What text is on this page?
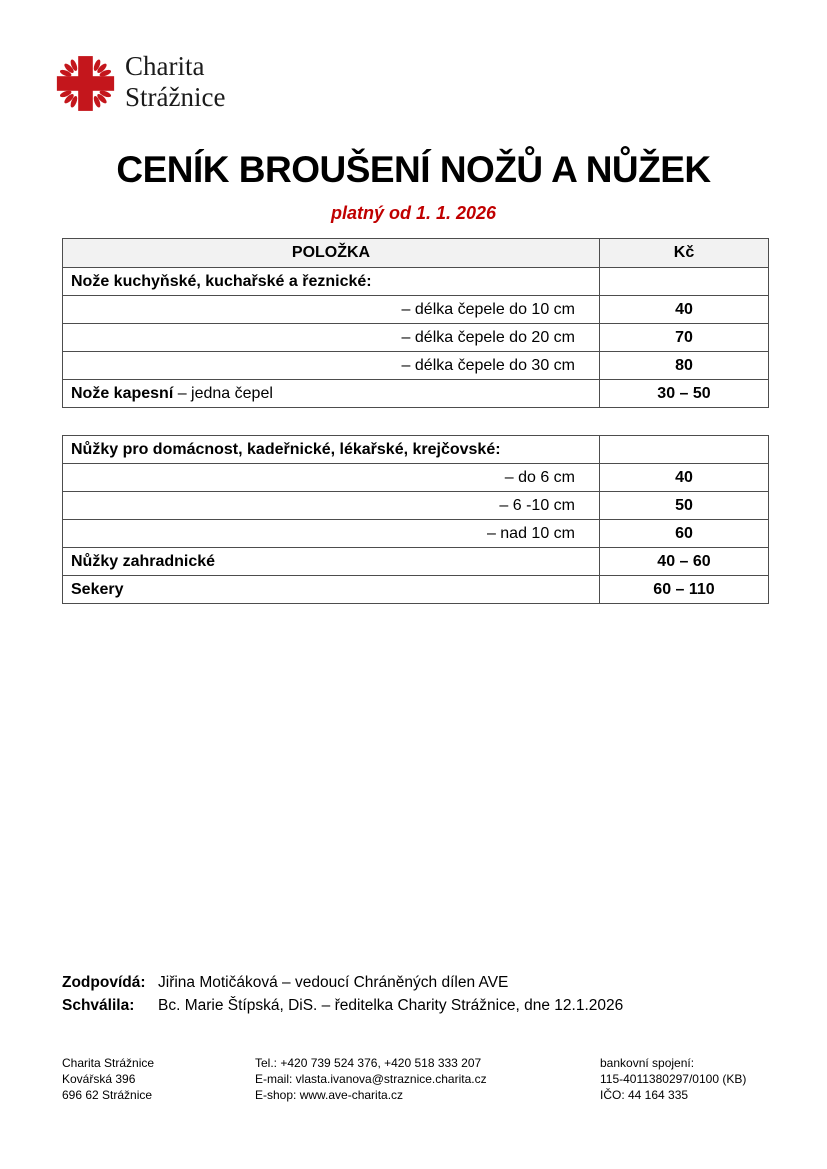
Charita
Strážnice
CENÍK BROUŠENÍ NOŽŮ A NŮŽEK
platný od 1. 1. 2026
POLOŽKA	Kč
Nože kuchyňské, kuchařské a řeznické:	
– délka čepele do 10 cm	40
– délka čepele do 20 cm	70
– délka čepele do 30 cm	80
Nože kapesní – jedna čepel	30 – 50
Nůžky pro domácnost, kadeřnické, lékařské, krejčovské:	
– do 6 cm	40
– 6 -10 cm	50
– nad 10 cm	60
Nůžky zahradnické	40 – 60
Sekery	60 – 110
Zodpovídá: Jiřina Motičáková – vedoucí Chráněných dílen AVE
Schválila:	Bc. Marie Štípská, DiS. – ředitelka Charity Strážnice, dne 12.1.2026
Charita Strážnice
Kovářská 396
696 62 Strážnice
Tel.: +420 739 524 376, +420 518 333 207
E-mail: vlasta.ivanova@straznice.charita.cz
E-shop: www.ave-charita.cz
bankovní spojení:
115-4011380297/0100 (KB)
IČO: 44 164 335
